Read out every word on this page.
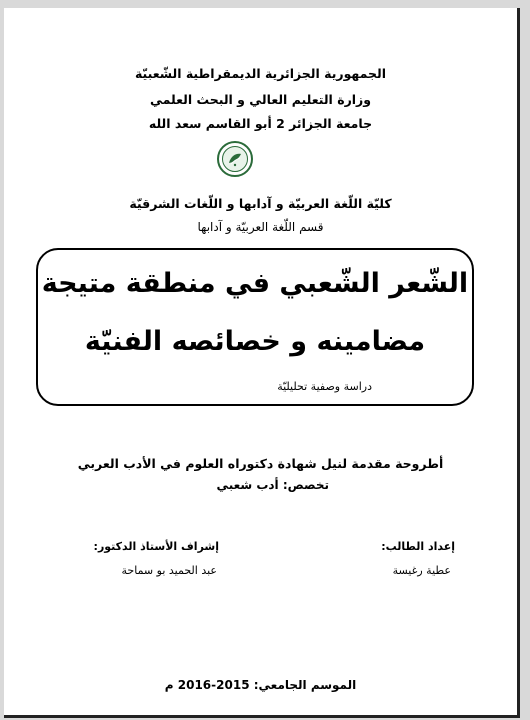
الجمهورية الجزائرية الديمقراطية الشّعبيّة
وزارة التعليم العالي و البحث العلمي
جامعة الجزائر 2 أبو القاسم سعد الله
كليّة اللّغة العربيّة و آدابها و اللّغات الشرقيّة
قسم اللّغة العربيّة و آدابها
الشّعر الشّعبي في منطقة متيجة
مضامينه و خصائصه الفنيّة
دراسة وصفية تحليليّة
أطروحة مقدمة لنيل شهادة دكتوراه العلوم في الأدب العربي
تخصص: أدب شعبي
إعداد الطالب:
عطية رغيسة
إشراف الأستاذ الدكتور:
عبد الحميد بو سماحة
الموسم الجامعي: 2015-2016 م
